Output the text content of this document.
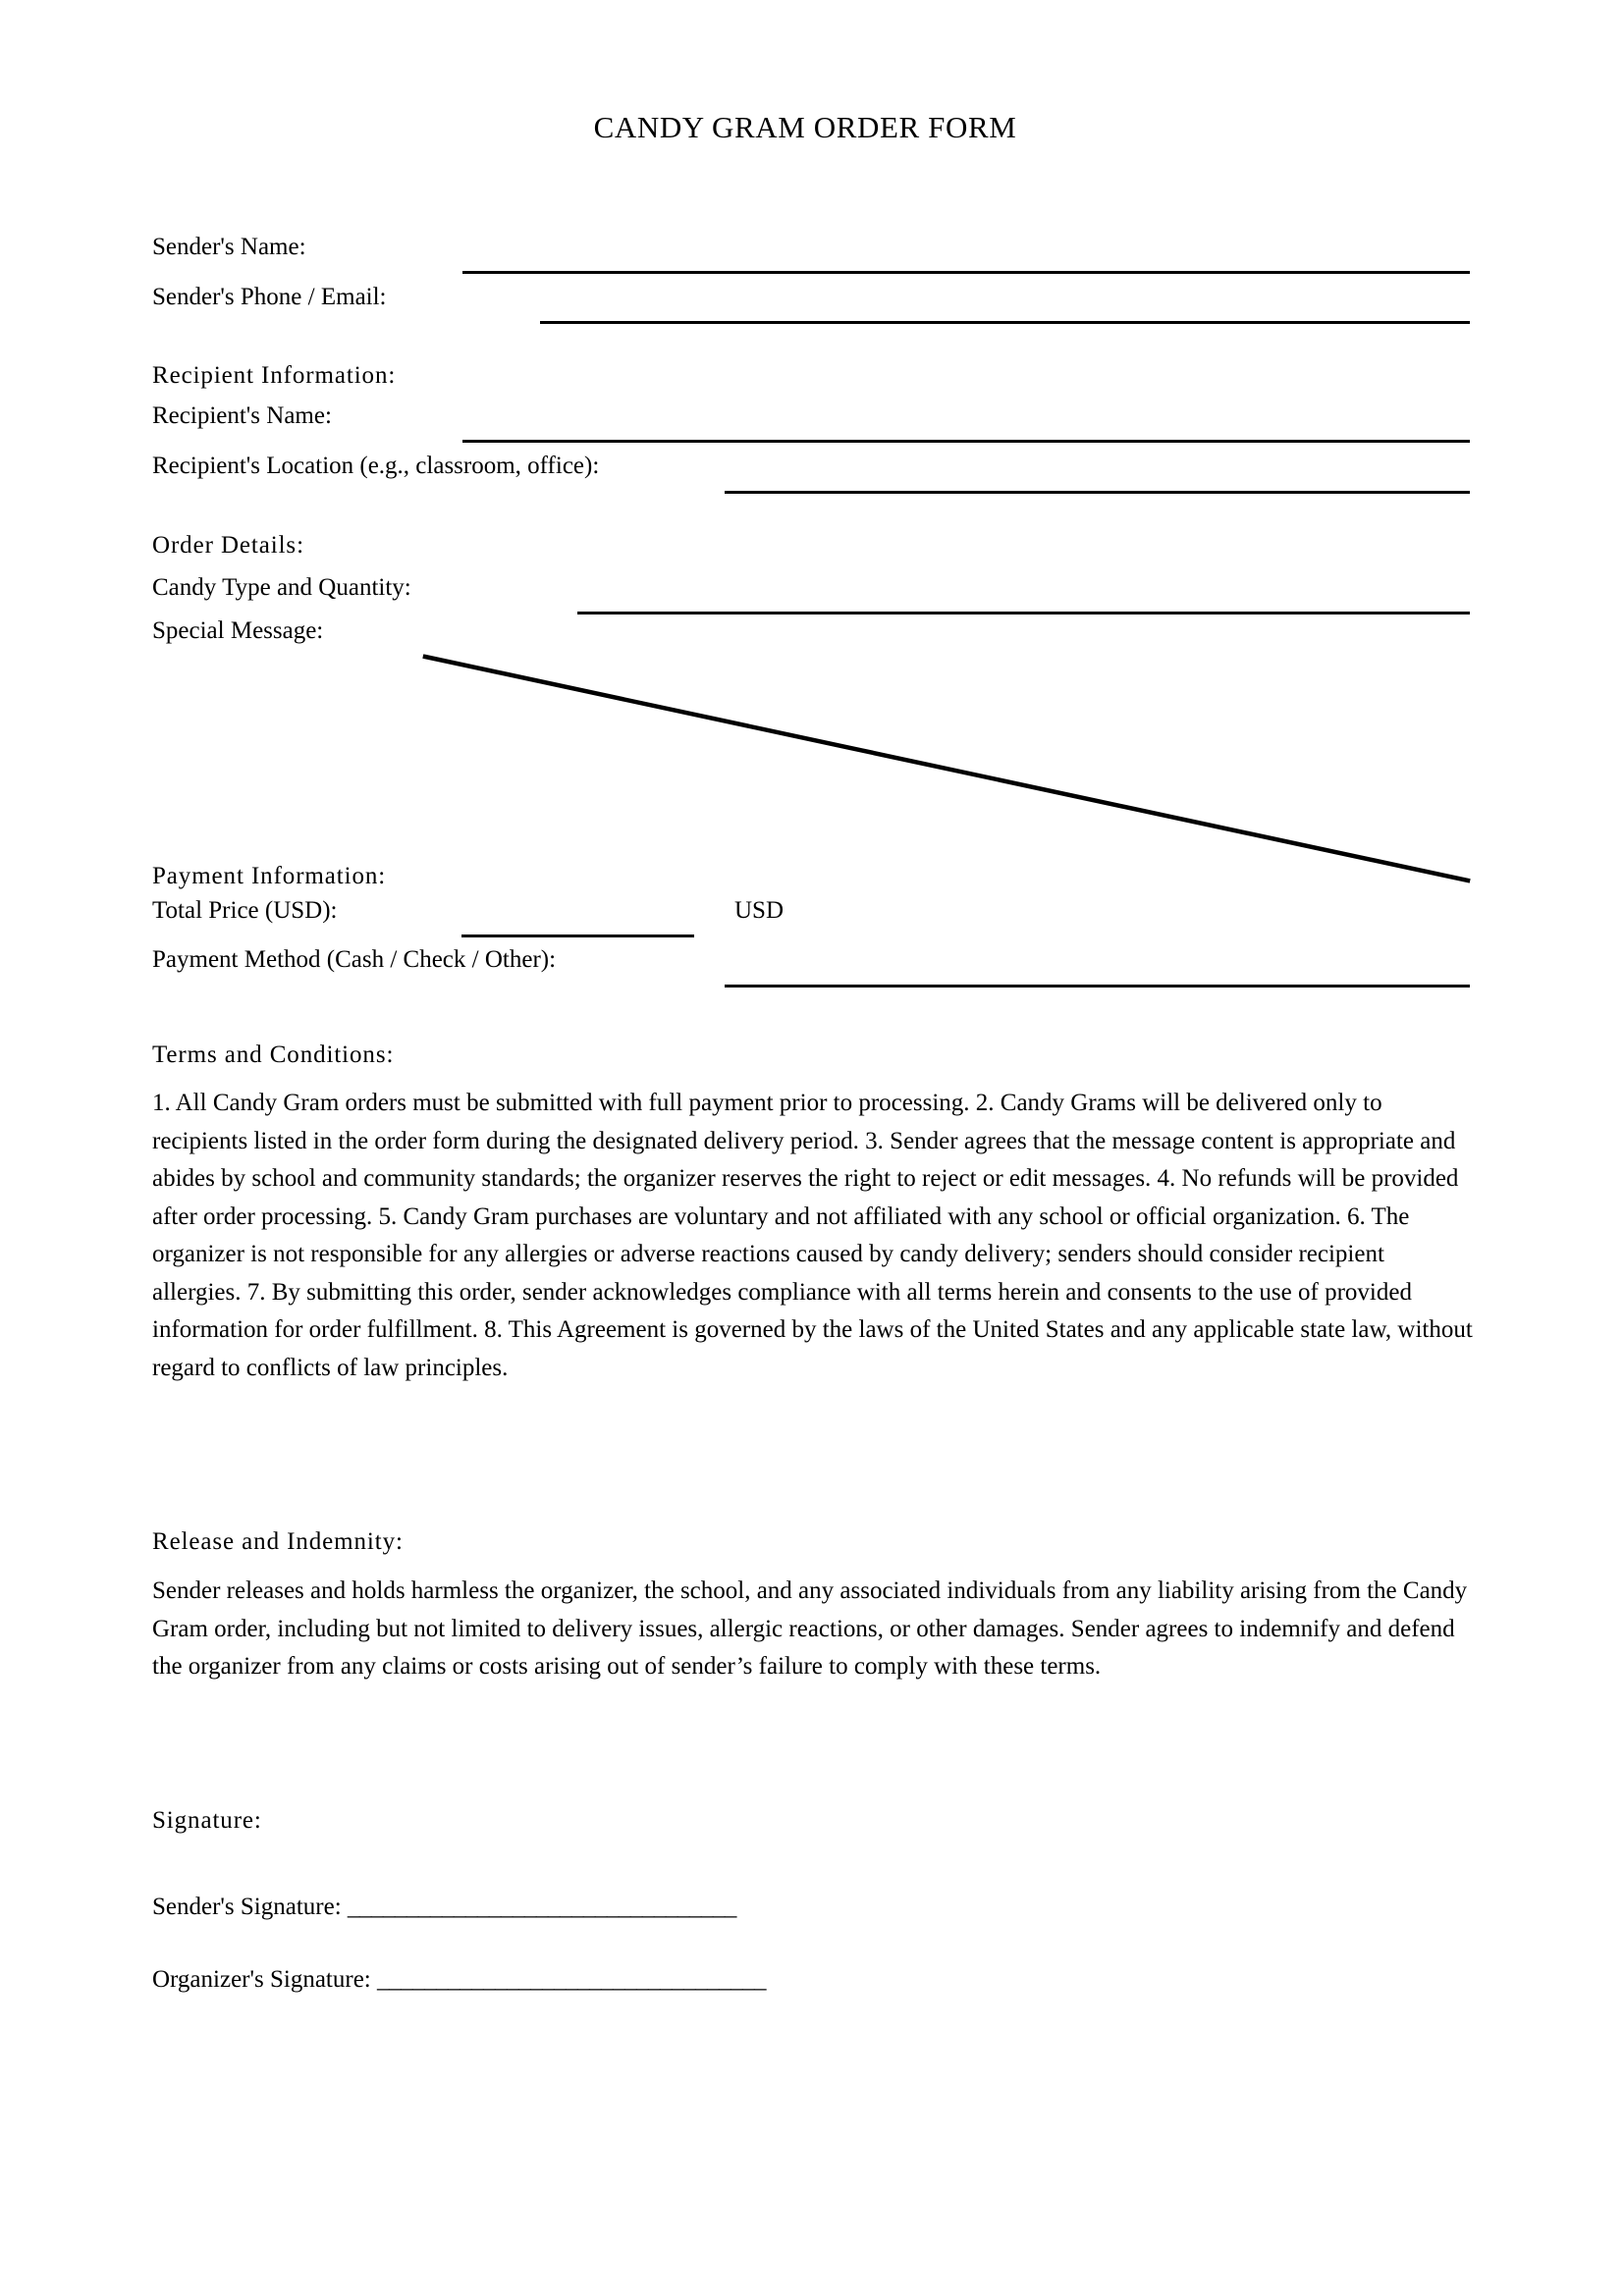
CANDY GRAM ORDER FORM
Sender's Name:
Sender's Phone / Email:
Recipient Information:
Recipient's Name:
Recipient's Location (e.g., classroom, office):
Order Details:
Candy Type and Quantity:
Special Message:
Payment Information:
Total Price (USD):	USD
Payment Method (Cash / Check / Other):
Terms and Conditions:
1. All Candy Gram orders must be submitted with full payment prior to processing. 2. Candy Grams will be delivered only to recipients listed in the order form during the designated delivery period. 3. Sender agrees that the message content is appropriate and abides by school and community standards; the organizer reserves the right to reject or edit messages. 4. No refunds will be provided after order processing. 5. Candy Gram purchases are voluntary and not affiliated with any school or official organization. 6. The organizer is not responsible for any allergies or adverse reactions caused by candy delivery; senders should consider recipient allergies. 7. By submitting this order, sender acknowledges compliance with all terms herein and consents to the use of provided information for order fulfillment. 8. This Agreement is governed by the laws of the United States and any applicable state law, without regard to conflicts of law principles.
Release and Indemnity:
Sender releases and holds harmless the organizer, the school, and any associated individuals from any liability arising from the Candy Gram order, including but not limited to delivery issues, allergic reactions, or other damages. Sender agrees to indemnify and defend the organizer from any claims or costs arising out of sender’s failure to comply with these terms.
Signature:
Sender's Signature: _________________________________
Organizer's Signature: _________________________________
